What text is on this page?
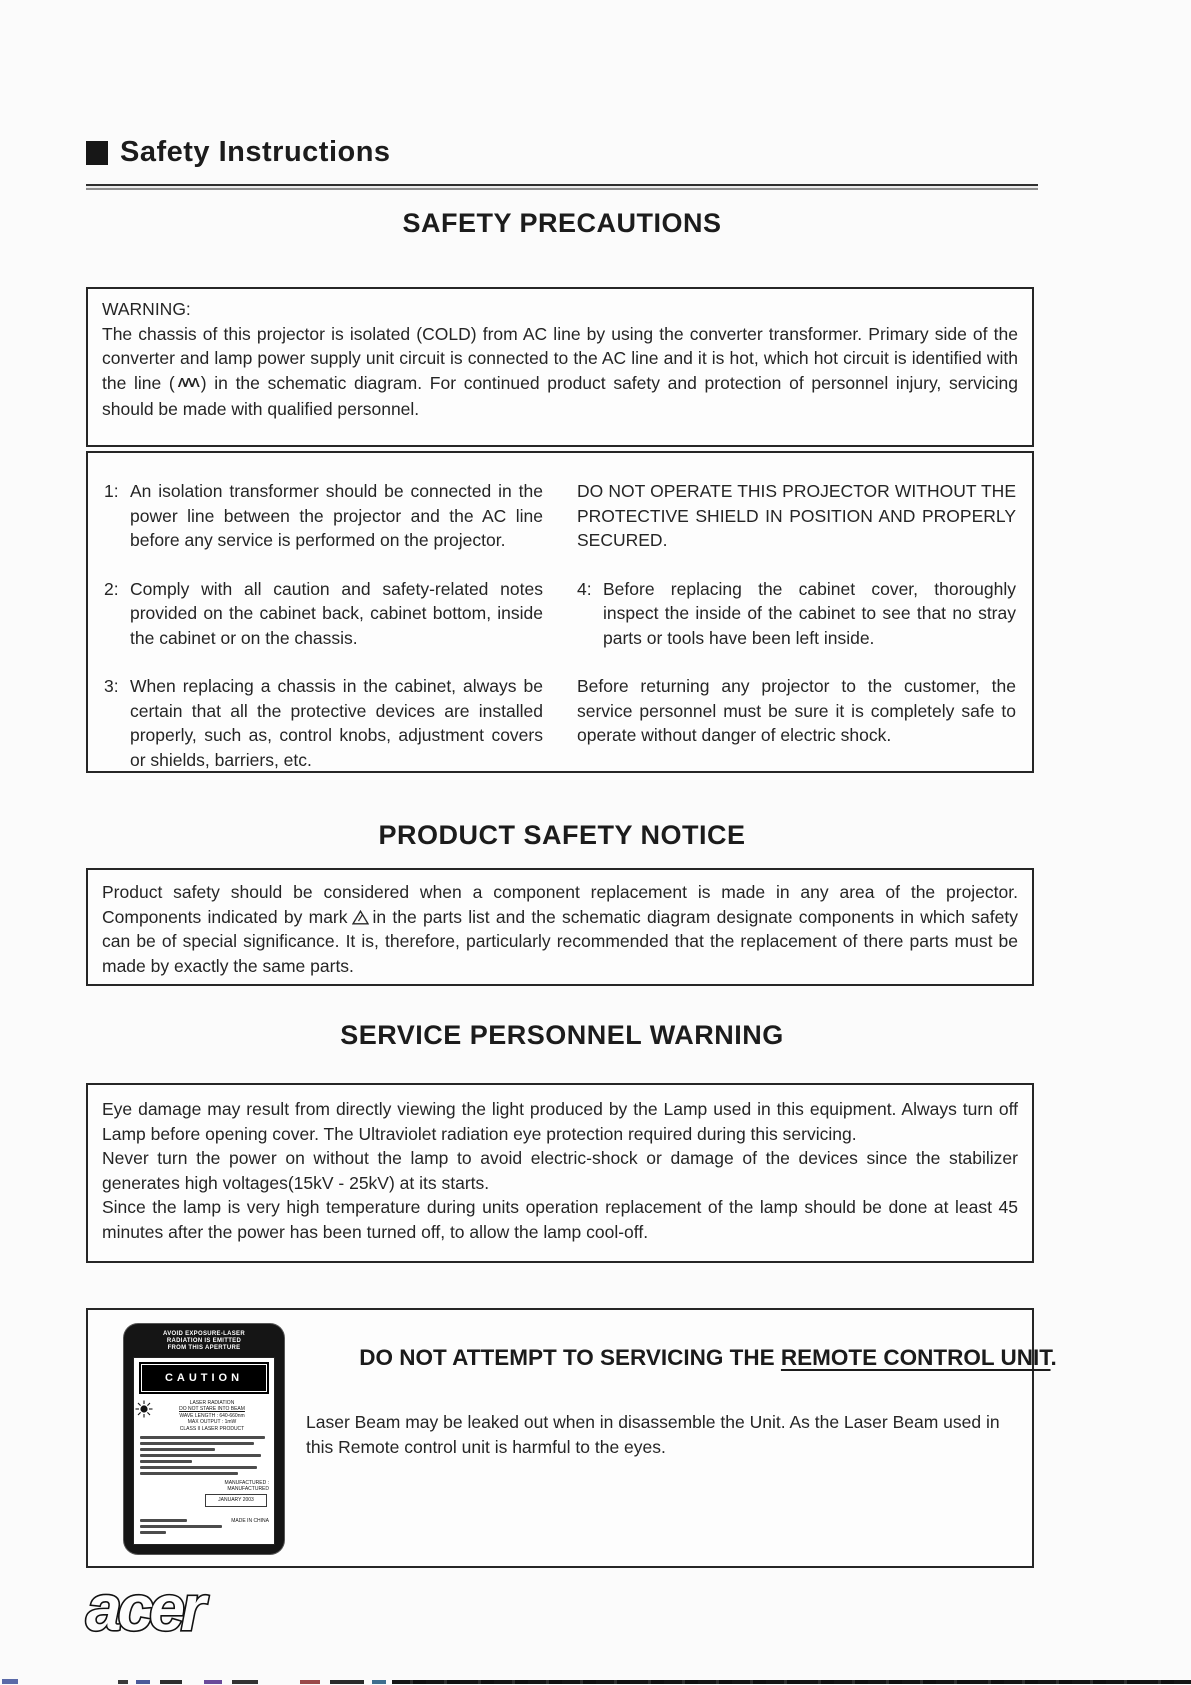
Safety Instructions
SAFETY PRECAUTIONS

WARNING:

The chassis of this projector is isolated (COLD) from AC line by using the converter transformer. Primary side of the converter and lamp power supply unit circuit is connected to the AC line and it is hot, which hot circuit is identified with the line ( ΛΛΛ ) in the schematic diagram. For continued product safety and protection of personnel injury, servicing should be made with qualified personnel.

1: An isolation transformer should be connected in the power line between the projector and the AC line before any service is performed on the projector.
2: Comply with all caution and safety-related notes provided on the cabinet back, cabinet bottom, inside the cabinet or on the chassis.
3: When replacing a chassis in the cabinet, always be certain that all the protective devices are installed properly, such as, control knobs, adjustment covers or shields, barriers, etc.

DO NOT OPERATE THIS PROJECTOR WITHOUT THE PROTECTIVE SHIELD IN POSITION AND PROPERLY SECURED.

4: Before replacing the cabinet cover, thoroughly inspect the inside of the cabinet to see that no stray parts or tools have been left inside.

Before returning any projector to the customer, the service personnel must be sure it is completely safe to operate without danger of electric shock.

PRODUCT SAFETY NOTICE

Product safety should be considered when a component replacement is made in any area of the projector. Components indicated by mark in the parts list and the schematic diagram designate components in which safety can be of special significance. It is, therefore, particularly recommended that the replacement of there parts must be made by exactly the same parts.

SERVICE PERSONNEL WARNING

Eye damage may result from directly viewing the light produced by the Lamp used in this equipment. Always turn off Lamp before opening cover. The Ultraviolet radiation eye protection required during this servicing.

Never turn the power on without the lamp to avoid electric-shock or damage of the devices since the stabilizer generates high voltages(15kV - 25kV) at its starts.

Since the lamp is very high temperature during units operation replacement of the lamp should be done at least 45 minutes after the power has been turned off, to allow the lamp cool-off.

AVOID EXPOSURE-LASER
RADIATION IS EMITTED
FROM THIS APERTURE
CAUTION
LASER RADIATION
DO NOT STARE INTO BEAM
WAVE LENGTH : 640-660nm
MAX OUTPUT : 1mW
CLASS II LASER PRODUCT
MANUFACTURED :
MANUFACTURED
JANUARY 2003
MADE IN CHINA
DO NOT ATTEMPT TO SERVICING THE REMOTE CONTROL UNIT.
Laser Beam may be leaked out when in disassemble the Unit. As the Laser Beam used in this Remote control unit is harmful to the eyes.
acer
